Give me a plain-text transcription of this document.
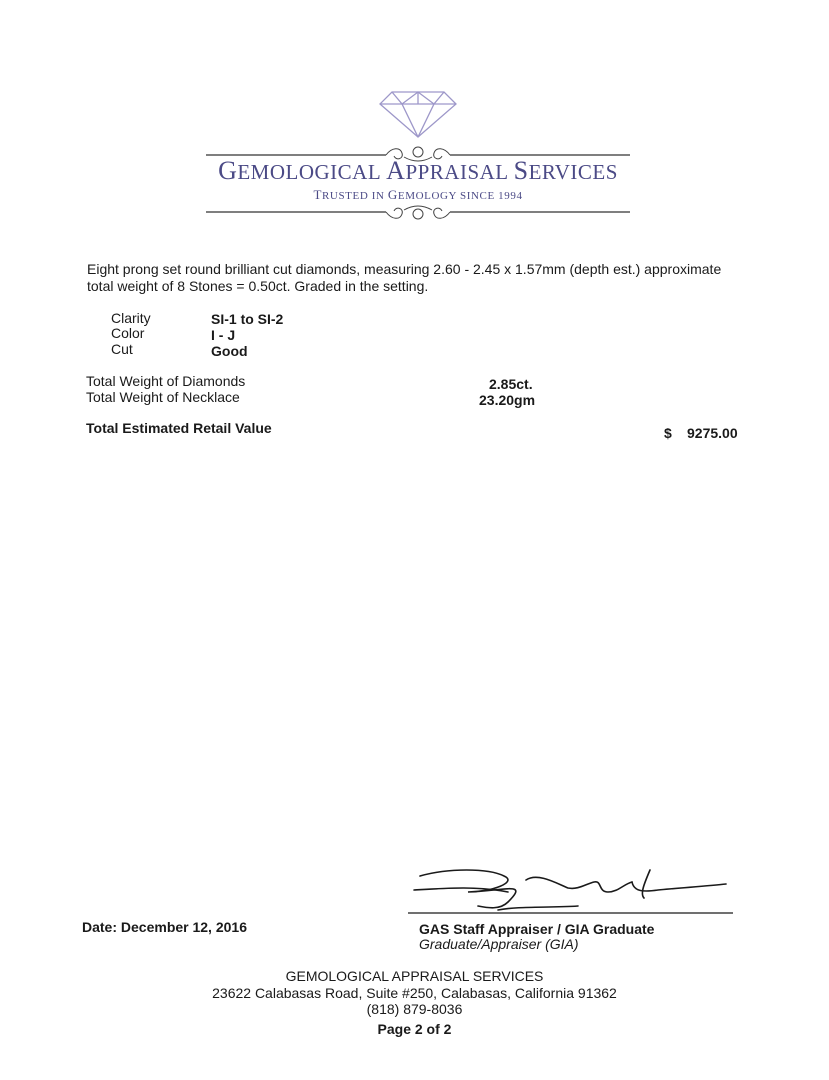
GEMOLOGICAL APPRAISAL SERVICES
TRUSTED IN GEMOLOGY SINCE 1994
Eight prong set round brilliant cut diamonds, measuring 2.60 - 2.45 x 1.57mm (depth est.) approximate
total weight of 8 Stones = 0.50ct. Graded in the setting.
Clarity	SI-1 to SI-2
Color	I - J
Cut	Good
Total Weight of Diamonds	2.85ct.
Total Weight of Necklace	23.20gm
Total Estimated Retail Value	$ 9275.00
Date: December 12, 2016	GAS Staff Appraiser / GIA Graduate
Graduate/Appraiser (GIA)
GEMOLOGICAL APPRAISAL SERVICES
23622 Calabasas Road, Suite #250, Calabasas, California 91362
(818) 879-8036
Page 2 of 2
